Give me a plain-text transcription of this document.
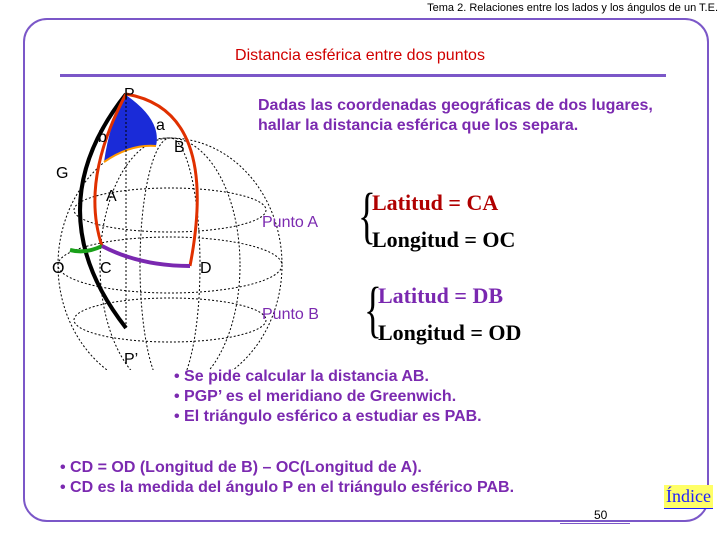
Tema 2. Relaciones entre los lados y los ángulos de un T.E.
Distancia esférica entre dos puntos
P
a
b
B
G
A
O C	D
P’
Dadas las coordenadas geográficas de dos lugares, hallar la distancia esférica que los separa.
Punto A {
Latitud = CA
Longitud = OC
Punto B {
Latitud = DB
Longitud = OD
• Se pide calcular la distancia AB.
• PGP’ es el meridiano de Greenwich.
• El triángulo esférico a estudiar es PAB.
• CD = OD (Longitud de B) – OC(Longitud de A).
• CD es la medida del ángulo P en el triángulo esférico PAB.
50
Índice
